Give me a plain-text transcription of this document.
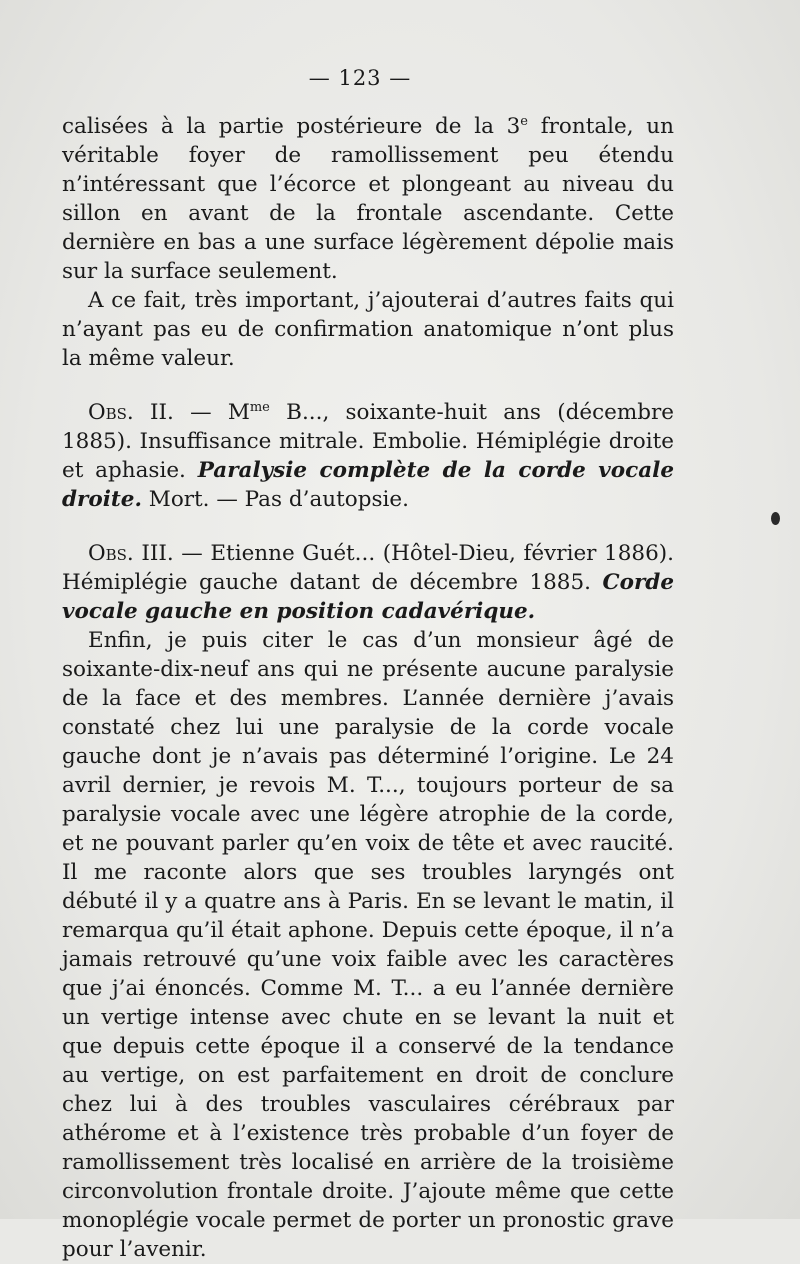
— 123 —

calisées à la partie postérieure de la 3e frontale, un véritable foyer de ramollissement peu étendu n’intéressant que l’écorce et plongeant au niveau du sillon en avant de la frontale ascendante. Cette dernière en bas a une surface légèrement dépolie mais sur la surface seulement.

A ce fait, très important, j’ajouterai d’autres faits qui n’ayant pas eu de confirmation anatomique n’ont plus la même valeur.

Obs. II. — $M^{me}$ B..., soixante-huit ans (décembre 1885). Insuffisance mitrale. Embolie. Hémiplégie droite et aphasie. Paralysie complète de la corde vocale droite. Mort. — Pas d’autopsie.

Obs. III. — Etienne Guét... (Hôtel-Dieu, février 1886). Hémiplégie gauche datant de décembre 1885. Corde vocale gauche en position cadavérique.

Enfin, je puis citer le cas d’un monsieur âgé de soixante-dix-neuf ans qui ne présente aucune paralysie de la face et des membres. L’année dernière j’avais constaté chez lui une paralysie de la corde vocale gauche dont je n’avais pas déterminé l’origine. Le 24 avril dernier, je revois M. T..., toujours porteur de sa paralysie vocale avec une légère atrophie de la corde, et ne pouvant parler qu’en voix de tête et avec raucité. Il me raconte alors que ses troubles laryngés ont débuté il y a quatre ans à Paris. En se levant le matin, il remarqua qu’il était aphone. Depuis cette époque, il n’a jamais retrouvé qu’une voix faible avec les caractères que j’ai énoncés. Comme M. T... a eu l’année dernière un vertige intense avec chute en se levant la nuit et que depuis cette époque il a conservé de la tendance au vertige, on est parfaitement en droit de conclure chez lui à des troubles vasculaires cérébraux par athérome et à l’existence très probable d’un foyer de ramollissement très localisé en arrière de la troisième circonvolution frontale droite. J’ajoute même que cette monoplégie vocale permet de porter un pronostic grave pour l’avenir.
